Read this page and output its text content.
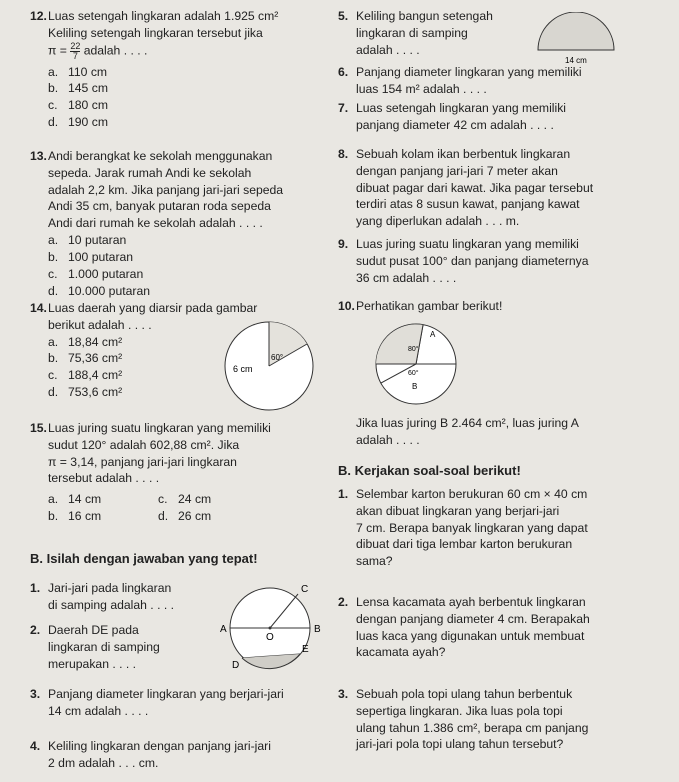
12. Luas setengah lingkaran adalah 1.925 cm²
Keliling setengah lingkaran tersebut jika
$\pi = \frac{22}{7}$ adalah . . . .
a. 110 cm
b. 145 cm
c. 180 cm
d. 190 cm
13. Andi berangkat ke sekolah menggunakan
sepeda. Jarak rumah Andi ke sekolah
adalah 2,2 km. Jika panjang jari-jari sepeda
Andi 35 cm, banyak putaran roda sepeda
Andi dari rumah ke sekolah adalah . . . .
a. 10 putaran
b. 100 putaran
c. 1.000 putaran
d. 10.000 putaran
14. Luas daerah yang diarsir pada gambar
berikut adalah . . . .
a. 18,84 cm²
b. 75,36 cm²
c. 188,4 cm²
d. 753,6 cm²
6 cm
60°
15. Luas juring suatu lingkaran yang memiliki
sudut 120° adalah 602,88 cm². Jika
π = 3,14, panjang jari-jari lingkaran
tersebut adalah . . . .
a. 14 cm	c. 24 cm
b. 16 cm	d. 26 cm
B. Isilah dengan jawaban yang tepat!
1. Jari-jari pada lingkaran
di samping adalah . . . .
2. Daerah DE pada
lingkaran di samping
merupakan . . . .
C
A
O
B
E
D
3. Panjang diameter lingkaran yang berjari-jari
14 cm adalah . . . .
4. Keliling lingkaran dengan panjang jari-jari
2 dm adalah . . . cm.
5. Keliling bangun setengah
lingkaran di samping
adalah . . . .
14 cm
6. Panjang diameter lingkaran yang memiliki
luas 154 m² adalah . . . .
7. Luas setengah lingkaran yang memiliki
panjang diameter 42 cm adalah . . . .
8. Sebuah kolam ikan berbentuk lingkaran
dengan panjang jari-jari 7 meter akan
dibuat pagar dari kawat. Jika pagar tersebut
terdiri atas 8 susun kawat, panjang kawat
yang diperlukan adalah . . . m.
9. Luas juring suatu lingkaran yang memiliki
sudut pusat 100° dan panjang diameternya
36 cm adalah . . . .
10. Perhatikan gambar berikut!
A
80°
60°
B
Jika luas juring B 2.464 cm², luas juring A
adalah . . . .
B. Kerjakan soal-soal berikut!
1. Selembar karton berukuran 60 cm × 40 cm
akan dibuat lingkaran yang berjari-jari
7 cm. Berapa banyak lingkaran yang dapat
dibuat dari tiga lembar karton berukuran
sama?
2. Lensa kacamata ayah berbentuk lingkaran
dengan panjang diameter 4 cm. Berapakah
luas kaca yang digunakan untuk membuat
kacamata ayah?
3. Sebuah pola topi ulang tahun berbentuk
sepertiga lingkaran. Jika luas pola topi
ulang tahun 1.386 cm², berapa cm panjang
jari-jari pola topi ulang tahun tersebut?
